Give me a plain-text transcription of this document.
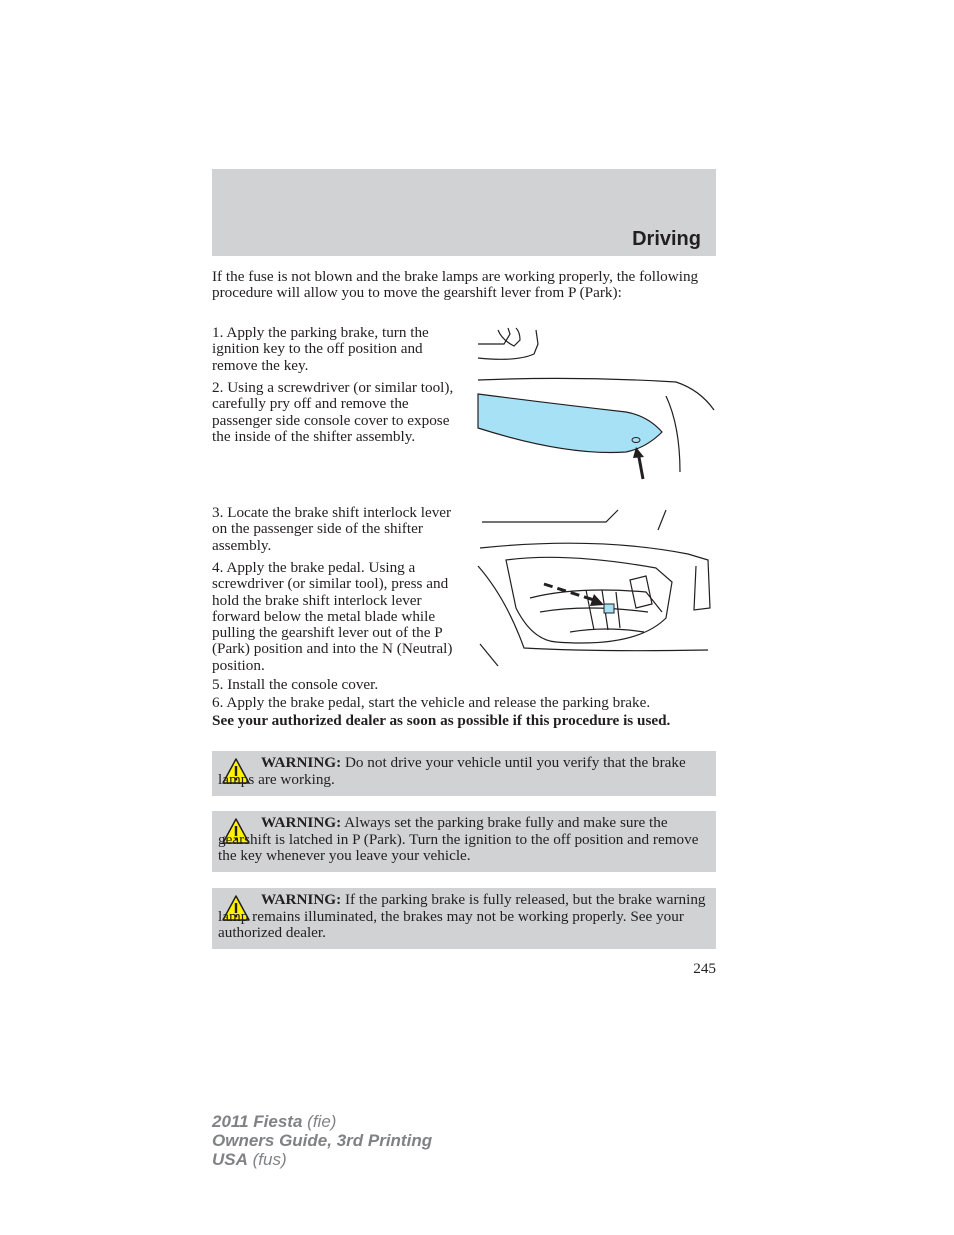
Driving

If the fuse is not blown and the brake lamps are working properly, the following procedure will allow you to move the gearshift lever from P (Park):

1. Apply the parking brake, turn the ignition key to the off position and remove the key.

2. Using a screwdriver (or similar tool), carefully pry off and remove the passenger side console cover to expose the inside of the shifter assembly.

3. Locate the brake shift interlock lever on the passenger side of the shifter assembly.

4. Apply the brake pedal. Using a screwdriver (or similar tool), press and hold the brake shift interlock lever forward below the metal blade while pulling the gearshift lever out of the P (Park) position and into the N (Neutral) position.

5. Install the console cover.

6. Apply the brake pedal, start the vehicle and release the parking brake.

See your authorized dealer as soon as possible if this procedure is used.

WARNING: Do not drive your vehicle until you verify that the brake lamps are working.

WARNING: Always set the parking brake fully and make sure the gearshift is latched in P (Park). Turn the ignition to the off position and remove the key whenever you leave your vehicle.

WARNING: If the parking brake is fully released, but the brake warning lamp remains illuminated, the brakes may not be working properly. See your authorized dealer.

245
2011 Fiesta (fie)
Owners Guide, 3rd Printing
USA (fus)
